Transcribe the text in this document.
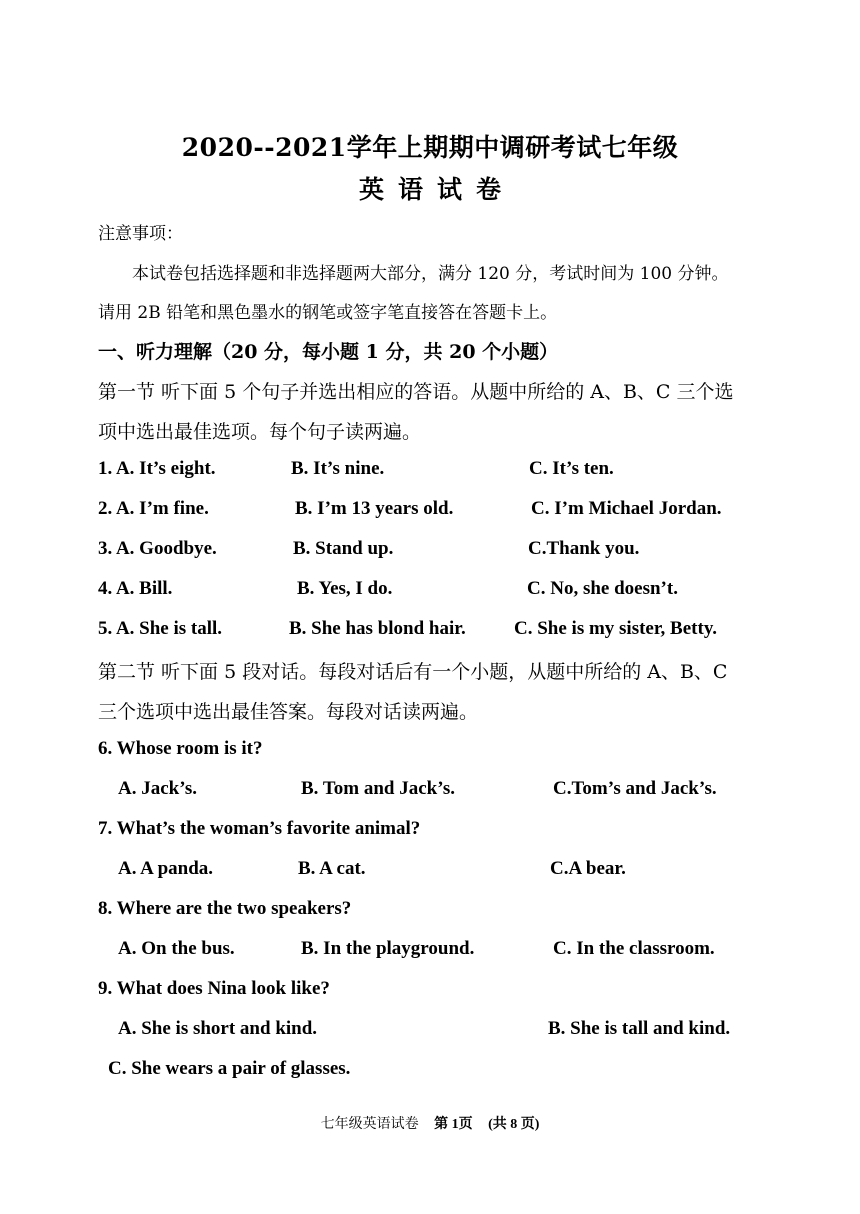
2020--2021学年上期期中调研考试七年级
英语试卷
注意事项：
本试卷包括选择题和非选择题两大部分，满分 120 分，考试时间为 100 分钟。
请用 2B 铅笔和黑色墨水的钢笔或签字笔直接答在答题卡上。
一、听力理解（20 分，每小题 1 分，共 20 个小题）
第一节 听下面 5 个句子并选出相应的答语。从题中所给的 A、B、C 三个选
项中选出最佳选项。每个句子读两遍。
1. A. It’s eight.	B. It’s nine.	C. It’s ten.
2. A. I’m fine.	B. I’m 13 years old.	C. I’m Michael Jordan.
3. A. Goodbye.	B. Stand up.	C.Thank you.
4. A. Bill.	B. Yes, I do.	C. No, she doesn’t.
5. A. She is tall.	B. She has blond hair.	C. She is my sister, Betty.
第二节 听下面 5 段对话。每段对话后有一个小题，从题中所给的 A、B、C
三个选项中选出最佳答案。每段对话读两遍。
6. Whose room is it?
A. Jack’s.	B. Tom and Jack’s.	C.Tom’s and Jack’s.
7. What’s the woman’s favorite animal?
A. A panda.	B. A cat.	C.A bear.
8. Where are the two speakers?
A. On the bus.	B. In the playground.	C. In the classroom.
9. What does Nina look like?
A. She is short and kind.	B. She is tall and kind.
C. She wears a pair of glasses.
七年级英语试卷 第 1页 (共 8 页)
